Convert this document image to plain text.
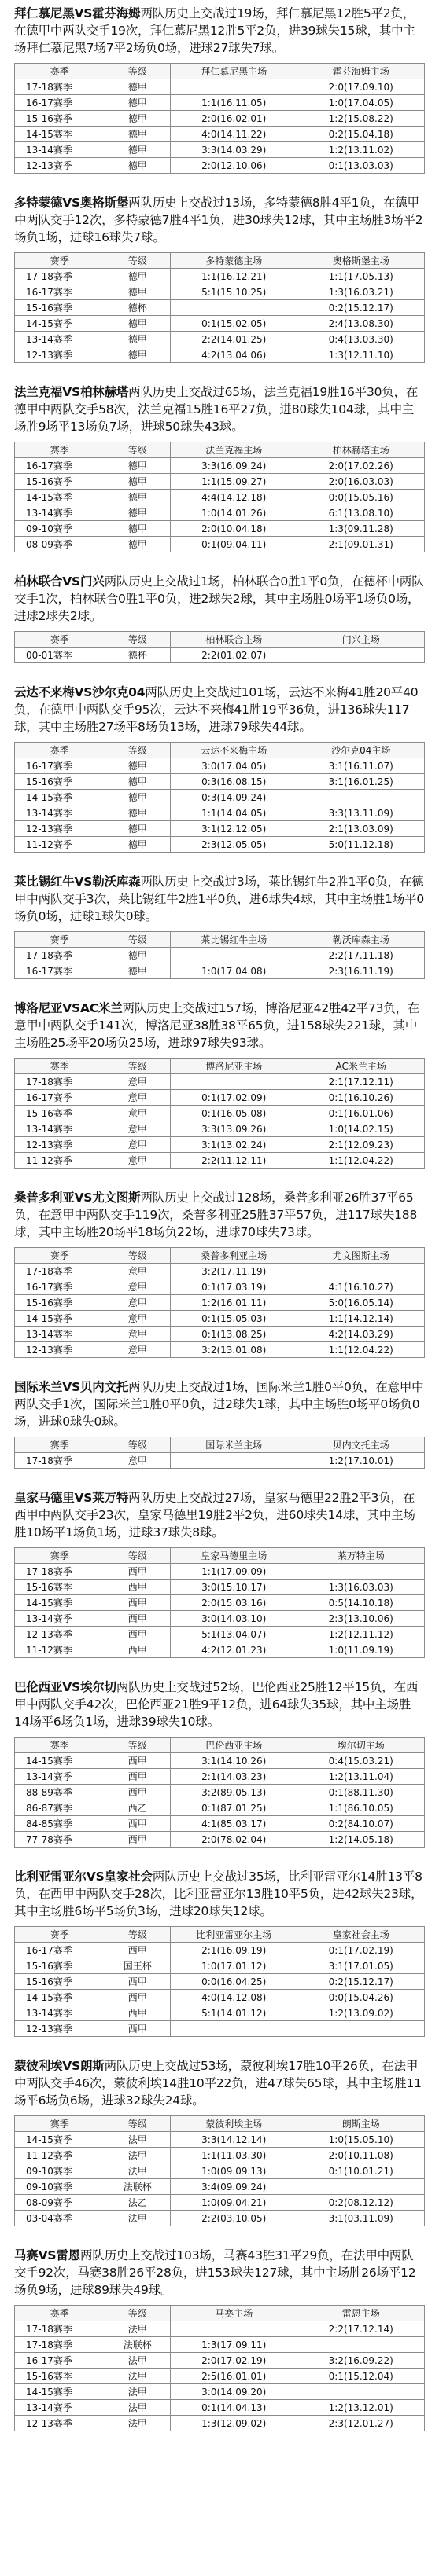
拜仁慕尼黑VS霍芬海姆两队历史上交战过19场，拜仁慕尼黑12胜5平2负，在德甲中两队交手19次，拜仁慕尼黑12胜5平2负，进39球失15球，其中主场拜仁慕尼黑7场7平2场负0场，进球27球失7球。

赛季	等级	拜仁慕尼黑主场	霍芬海姆主场
17-18赛季	德甲		2:0(17.09.10)
16-17赛季	德甲	1:1(16.11.05)	1:0(17.04.05)
15-16赛季	德甲	2:0(16.02.01)	1:2(15.08.22)
14-15赛季	德甲	4:0(14.11.22)	0:2(15.04.18)
13-14赛季	德甲	3:3(14.03.29)	1:2(13.11.02)
12-13赛季	德甲	2:0(12.10.06)	0:1(13.03.03)

多特蒙德VS奥格斯堡两队历史上交战过13场，多特蒙德8胜4平1负，在德甲中两队交手12次，多特蒙德7胜4平1负，进30球失12球，其中主场胜3场平2场负1场，进球16球失7球。

赛季	等级	多特蒙德主场	奥格斯堡主场
17-18赛季	德甲	1:1(16.12.21)	1:1(17.05.13)
16-17赛季	德甲	5:1(15.10.25)	1:3(16.03.21)
15-16赛季	德杯		0:2(15.12.17)
14-15赛季	德甲	0:1(15.02.05)	2:4(13.08.30)
13-14赛季	德甲	2:2(14.01.25)	0:4(13.03.30)
12-13赛季	德甲	4:2(13.04.06)	1:3(12.11.10)

法兰克福VS柏林赫塔两队历史上交战过65场，法兰克福19胜16平30负，在德甲中两队交手58次，法兰克福15胜16平27负，进80球失104球，其中主场胜9场平13场负7场，进球50球失43球。

赛季	等级	法兰克福主场	柏林赫塔主场
16-17赛季	德甲	3:3(16.09.24)	2:0(17.02.26)
15-16赛季	德甲	1:1(15.09.27)	2:0(16.03.03)
14-15赛季	德甲	4:4(14.12.18)	0:0(15.05.16)
13-14赛季	德甲	1:0(14.01.26)	6:1(13.08.10)
09-10赛季	德甲	2:0(10.04.18)	1:3(09.11.28)
08-09赛季	德甲	0:1(09.04.11)	2:1(09.01.31)

柏林联合VS门兴两队历史上交战过1场，柏林联合0胜1平0负，在德杯中两队交手1次，柏林联合0胜1平0负，进2球失2球，其中主场胜0场平1场负0场，进球2球失2球。

赛季	等级	柏林联合主场	门兴主场
00-01赛季	德杯	2:2(01.02.07)	

云达不来梅VS沙尔克04两队历史上交战过101场，云达不来梅41胜20平40负，在德甲中两队交手95次，云达不来梅41胜19平36负，进136球失117球，其中主场胜27场平8场负13场，进球79球失44球。

赛季	等级	云达不来梅主场	沙尔克04主场
16-17赛季	德甲	3:0(17.04.05)	3:1(16.11.07)
15-16赛季	德甲	0:3(16.08.15)	3:1(16.01.25)
14-15赛季	德甲	0:3(14.09.24)	
13-14赛季	德甲	1:1(14.04.05)	3:3(13.11.09)
12-13赛季	德甲	3:1(12.12.05)	2:1(13.03.09)
11-12赛季	德甲	2:3(12.05.05)	5:0(11.12.18)

莱比锡红牛VS勒沃库森两队历史上交战过3场，莱比锡红牛2胜1平0负，在德甲中两队交手3次，莱比锡红牛2胜1平0负，进6球失4球，其中主场胜1场平0场负0场，进球1球失0球。

赛季	等级	莱比锡红牛主场	勒沃库森主场
17-18赛季	德甲		2:2(17.11.18)
16-17赛季	德甲	1:0(17.04.08)	2:3(16.11.19)

博洛尼亚VSAC米兰两队历史上交战过157场，博洛尼亚42胜42平73负，在意甲中两队交手141次，博洛尼亚38胜38平65负，进158球失221球，其中主场胜25场平20场负25场，进球97球失93球。

赛季	等级	博洛尼亚主场	AC米兰主场
17-18赛季	意甲		2:1(17.12.11)
16-17赛季	意甲	0:1(17.02.09)	0:1(16.10.26)
15-16赛季	意甲	0:1(16.05.08)	0:1(16.01.06)
13-14赛季	意甲	3:3(13.09.26)	1:0(14.02.15)
12-13赛季	意甲	3:1(13.02.24)	2:1(12.09.23)
11-12赛季	意甲	2:2(11.12.11)	1:1(12.04.22)

桑普多利亚VS尤文图斯两队历史上交战过128场，桑普多利亚26胜37平65负，在意甲中两队交手119次，桑普多利亚25胜37平57负，进117球失188球，其中主场胜20场平18场负22场，进球70球失73球。

赛季	等级	桑普多利亚主场	尤文图斯主场
17-18赛季	意甲	3:2(17.11.19)	
16-17赛季	意甲	0:1(17.03.19)	4:1(16.10.27)
15-16赛季	意甲	1:2(16.01.11)	5:0(16.05.14)
14-15赛季	意甲	0:1(15.05.03)	1:1(14.12.14)
13-14赛季	意甲	0:1(13.08.25)	4:2(14.03.29)
12-13赛季	意甲	3:2(13.01.08)	1:1(12.04.22)

国际米兰VS贝内文托两队历史上交战过1场，国际米兰1胜0平0负，在意甲中两队交手1次，国际米兰1胜0平0负，进2球失1球，其中主场胜0场平0场负0场，进球0球失0球。

赛季	等级	国际米兰主场	贝内文托主场
17-18赛季	意甲		1:2(17.10.01)

皇家马德里VS莱万特两队历史上交战过27场，皇家马德里22胜2平3负，在西甲中两队交手23次，皇家马德里19胜2平2负，进60球失14球，其中主场胜10场平1场负1场，进球37球失8球。

赛季	等级	皇家马德里主场	莱万特主场
17-18赛季	西甲	1:1(17.09.09)	
15-16赛季	西甲	3:0(15.10.17)	1:3(16.03.03)
14-15赛季	西甲	2:0(15.03.16)	0:5(14.10.18)
13-14赛季	西甲	3:0(14.03.10)	2:3(13.10.06)
12-13赛季	西甲	5:1(13.04.07)	1:2(12.11.12)
11-12赛季	西甲	4:2(12.01.23)	1:0(11.09.19)

巴伦西亚VS埃尔切两队历史上交战过52场，巴伦西亚25胜12平15负，在西甲中两队交手42次，巴伦西亚21胜9平12负，进64球失35球，其中主场胜14场平6场负1场，进球39球失10球。

赛季	等级	巴伦西亚主场	埃尔切主场
14-15赛季	西甲	3:1(14.10.26)	0:4(15.03.21)
13-14赛季	西甲	2:1(14.03.23)	1:2(13.11.04)
88-89赛季	西甲	3:2(89.05.13)	0:1(88.11.30)
86-87赛季	西乙	0:1(87.01.25)	1:1(86.10.05)
84-85赛季	西甲	4:1(85.03.17)	0:2(84.10.07)
77-78赛季	西甲	2:0(78.02.04)	1:2(14.05.18)

比利亚雷亚尔VS皇家社会两队历史上交战过35场，比利亚雷亚尔14胜13平8负，在西甲中两队交手28次，比利亚雷亚尔13胜10平5负，进42球失23球，其中主场胜6场平5场负3场，进球20球失12球。

赛季	等级	比利亚雷亚尔主场	皇家社会主场
16-17赛季	西甲	2:1(16.09.19)	0:1(17.02.19)
15-16赛季	国王杯	1:0(17.01.12)	3:1(17.01.05)
15-16赛季	西甲	0:0(16.04.25)	0:2(15.12.17)
14-15赛季	西甲	4:0(14.12.08)	0:0(15.04.26)
13-14赛季	西甲	5:1(14.01.12)	1:2(13.09.02)
12-13赛季	西甲		

蒙彼利埃VS朗斯两队历史上交战过53场，蒙彼利埃17胜10平26负，在法甲中两队交手46次，蒙彼利埃14胜10平22负，进47球失65球，其中主场胜11场平6场负6场，进球32球失24球。

赛季	等级	蒙彼利埃主场	朗斯主场
14-15赛季	法甲	3:3(14.12.14)	1:0(15.05.10)
11-12赛季	法甲	1:1(11.03.30)	2:0(10.11.08)
09-10赛季	法甲	1:0(09.09.13)	0:1(10.01.21)
09-10赛季	法联杯	3:4(09.09.24)	
08-09赛季	法乙	1:0(09.04.21)	0:2(08.12.12)
03-04赛季	法甲	2:2(03.10.05)	3:1(03.11.09)

马赛VS雷恩两队历史上交战过103场，马赛43胜31平29负，在法甲中两队交手92次，马赛38胜26平28负，进153球失127球，其中主场胜26场平12场负9场，进球89球失49球。

赛季	等级	马赛主场	雷恩主场
17-18赛季	法甲		2:2(17.12.14)
17-18赛季	法联杯	1:3(17.09.11)	
16-17赛季	法甲	2:0(17.02.19)	3:2(16.09.22)
15-16赛季	法甲	2:5(16.01.01)	0:1(15.12.04)
14-15赛季	法甲	3:0(14.09.20)	
13-14赛季	法甲	0:1(14.04.13)	1:2(13.12.01)
12-13赛季	法甲	1:3(12.09.02)	2:3(12.01.27)
